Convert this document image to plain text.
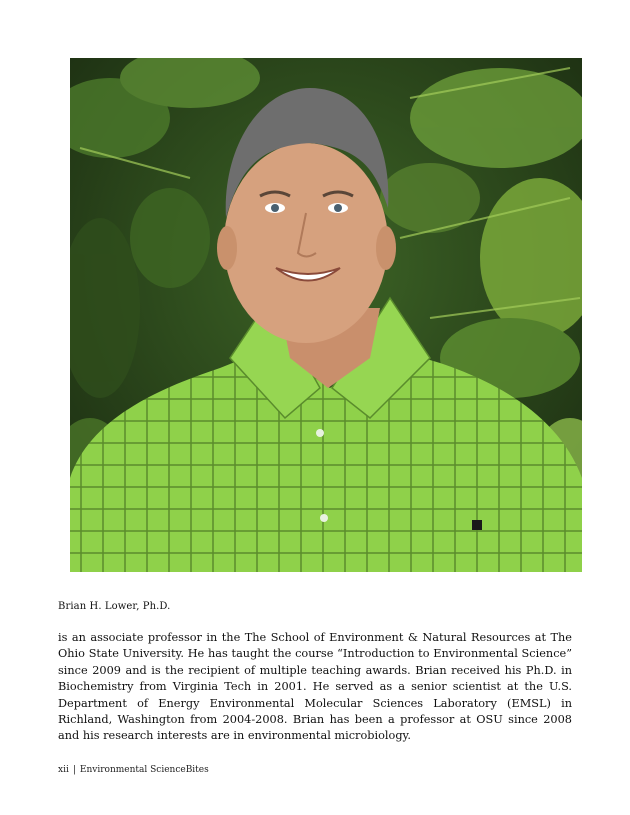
Brian H. Lower, Ph.D.

is an associate professor in the The School of Environment & Natural Resources at The Ohio State University. He has taught the course “Introduction to Environmental Science” since 2009 and is the recipient of multiple teaching awards. Brian received his Ph.D. in Biochemistry from Virginia Tech in 2001. He served as a senior scientist at the U.S. Department of Energy Environmental Molecular Sciences Laboratory (EMSL) in Richland, Washington from 2004-2008. Brian has been a professor at OSU since 2008 and his research interests are in environmental microbiology.

xii | Environmental ScienceBites
